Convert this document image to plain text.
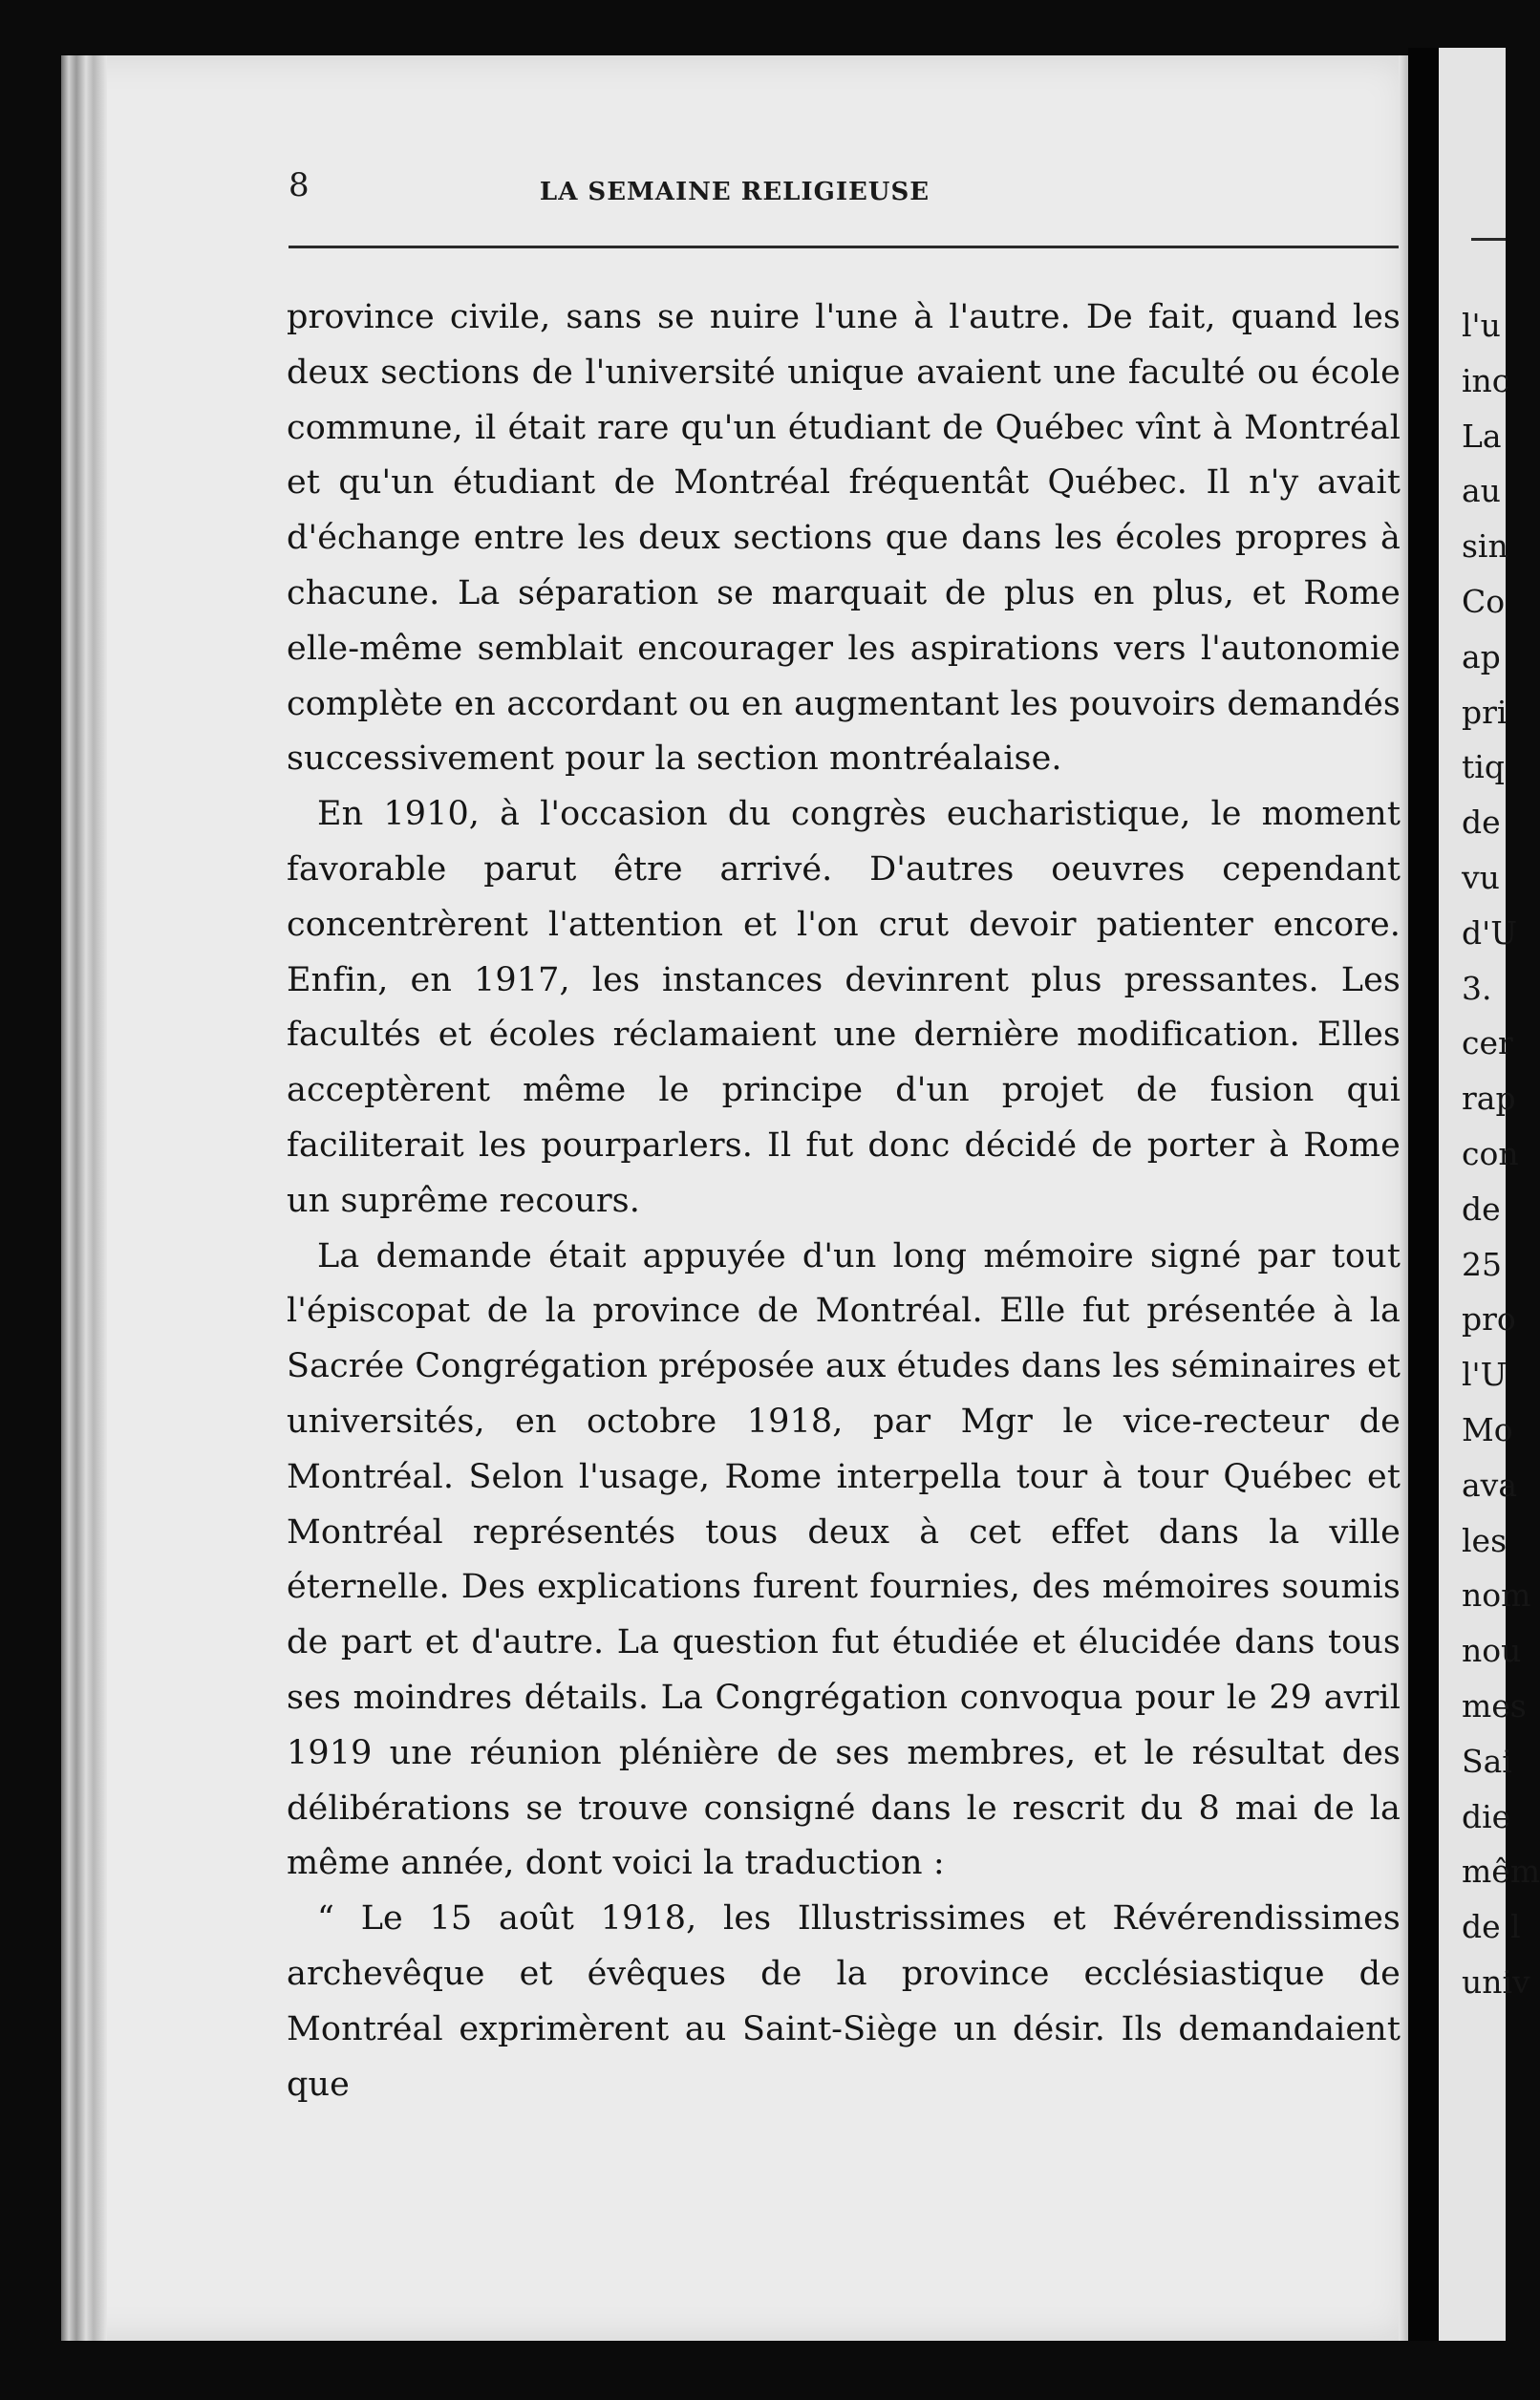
8	LA SEMAINE RELIGIEUSE

province civile, sans se nuire l'une à l'autre. De fait, quand les deux sections de l'université unique avaient une faculté ou école commune, il était rare qu'un étudiant de Québec vînt à Montréal et qu'un étudiant de Montréal fréquentât Québec. Il n'y avait d'échange entre les deux sections que dans les écoles propres à chacune. La séparation se marquait de plus en plus, et Rome elle-même semblait encourager les aspirations vers l'autonomie complète en accordant ou en augmentant les pouvoirs demandés successivement pour la section montréalaise.

En 1910, à l'occasion du congrès eucharistique, le moment favorable parut être arrivé. D'autres oeuvres cependant concentrèrent l'attention et l'on crut devoir patienter encore. Enfin, en 1917, les instances devinrent plus pressantes. Les facultés et écoles réclamaient une dernière modification. Elles acceptèrent même le principe d'un projet de fusion qui faciliterait les pourparlers. Il fut donc décidé de porter à Rome un suprême recours.

La demande était appuyée d'un long mémoire signé par tout l'épiscopat de la province de Montréal. Elle fut présentée à la Sacrée Congrégation préposée aux études dans les séminaires et universités, en octobre 1918, par Mgr le vice-recteur de Montréal. Selon l'usage, Rome interpella tour à tour Québec et Montréal représentés tous deux à cet effet dans la ville éternelle. Des explications furent fournies, des mémoires soumis de part et d'autre. La question fut étudiée et élucidée dans tous ses moindres détails. La Congrégation convoqua pour le 29 avril 1919 une réunion plénière de ses membres, et le résultat des délibérations se trouve consigné dans le rescrit du 8 mai de la même année, dont voici la traduction :

“ Le 15 août 1918, les Illustrissimes et Révérendissimes archevêque et évêques de la province ecclésiastique de Montréal exprimèrent au Saint-Siège un désir. Ils demandaient que

l'u
inc
La
au
sin
Co
ap
pri
tiq
de
vu
d'U
3.
cer
rap
con
de
25
pro
l'U
Mo
ava
les
nom
nou
mes
Sai
die
mêm
de l
univ
